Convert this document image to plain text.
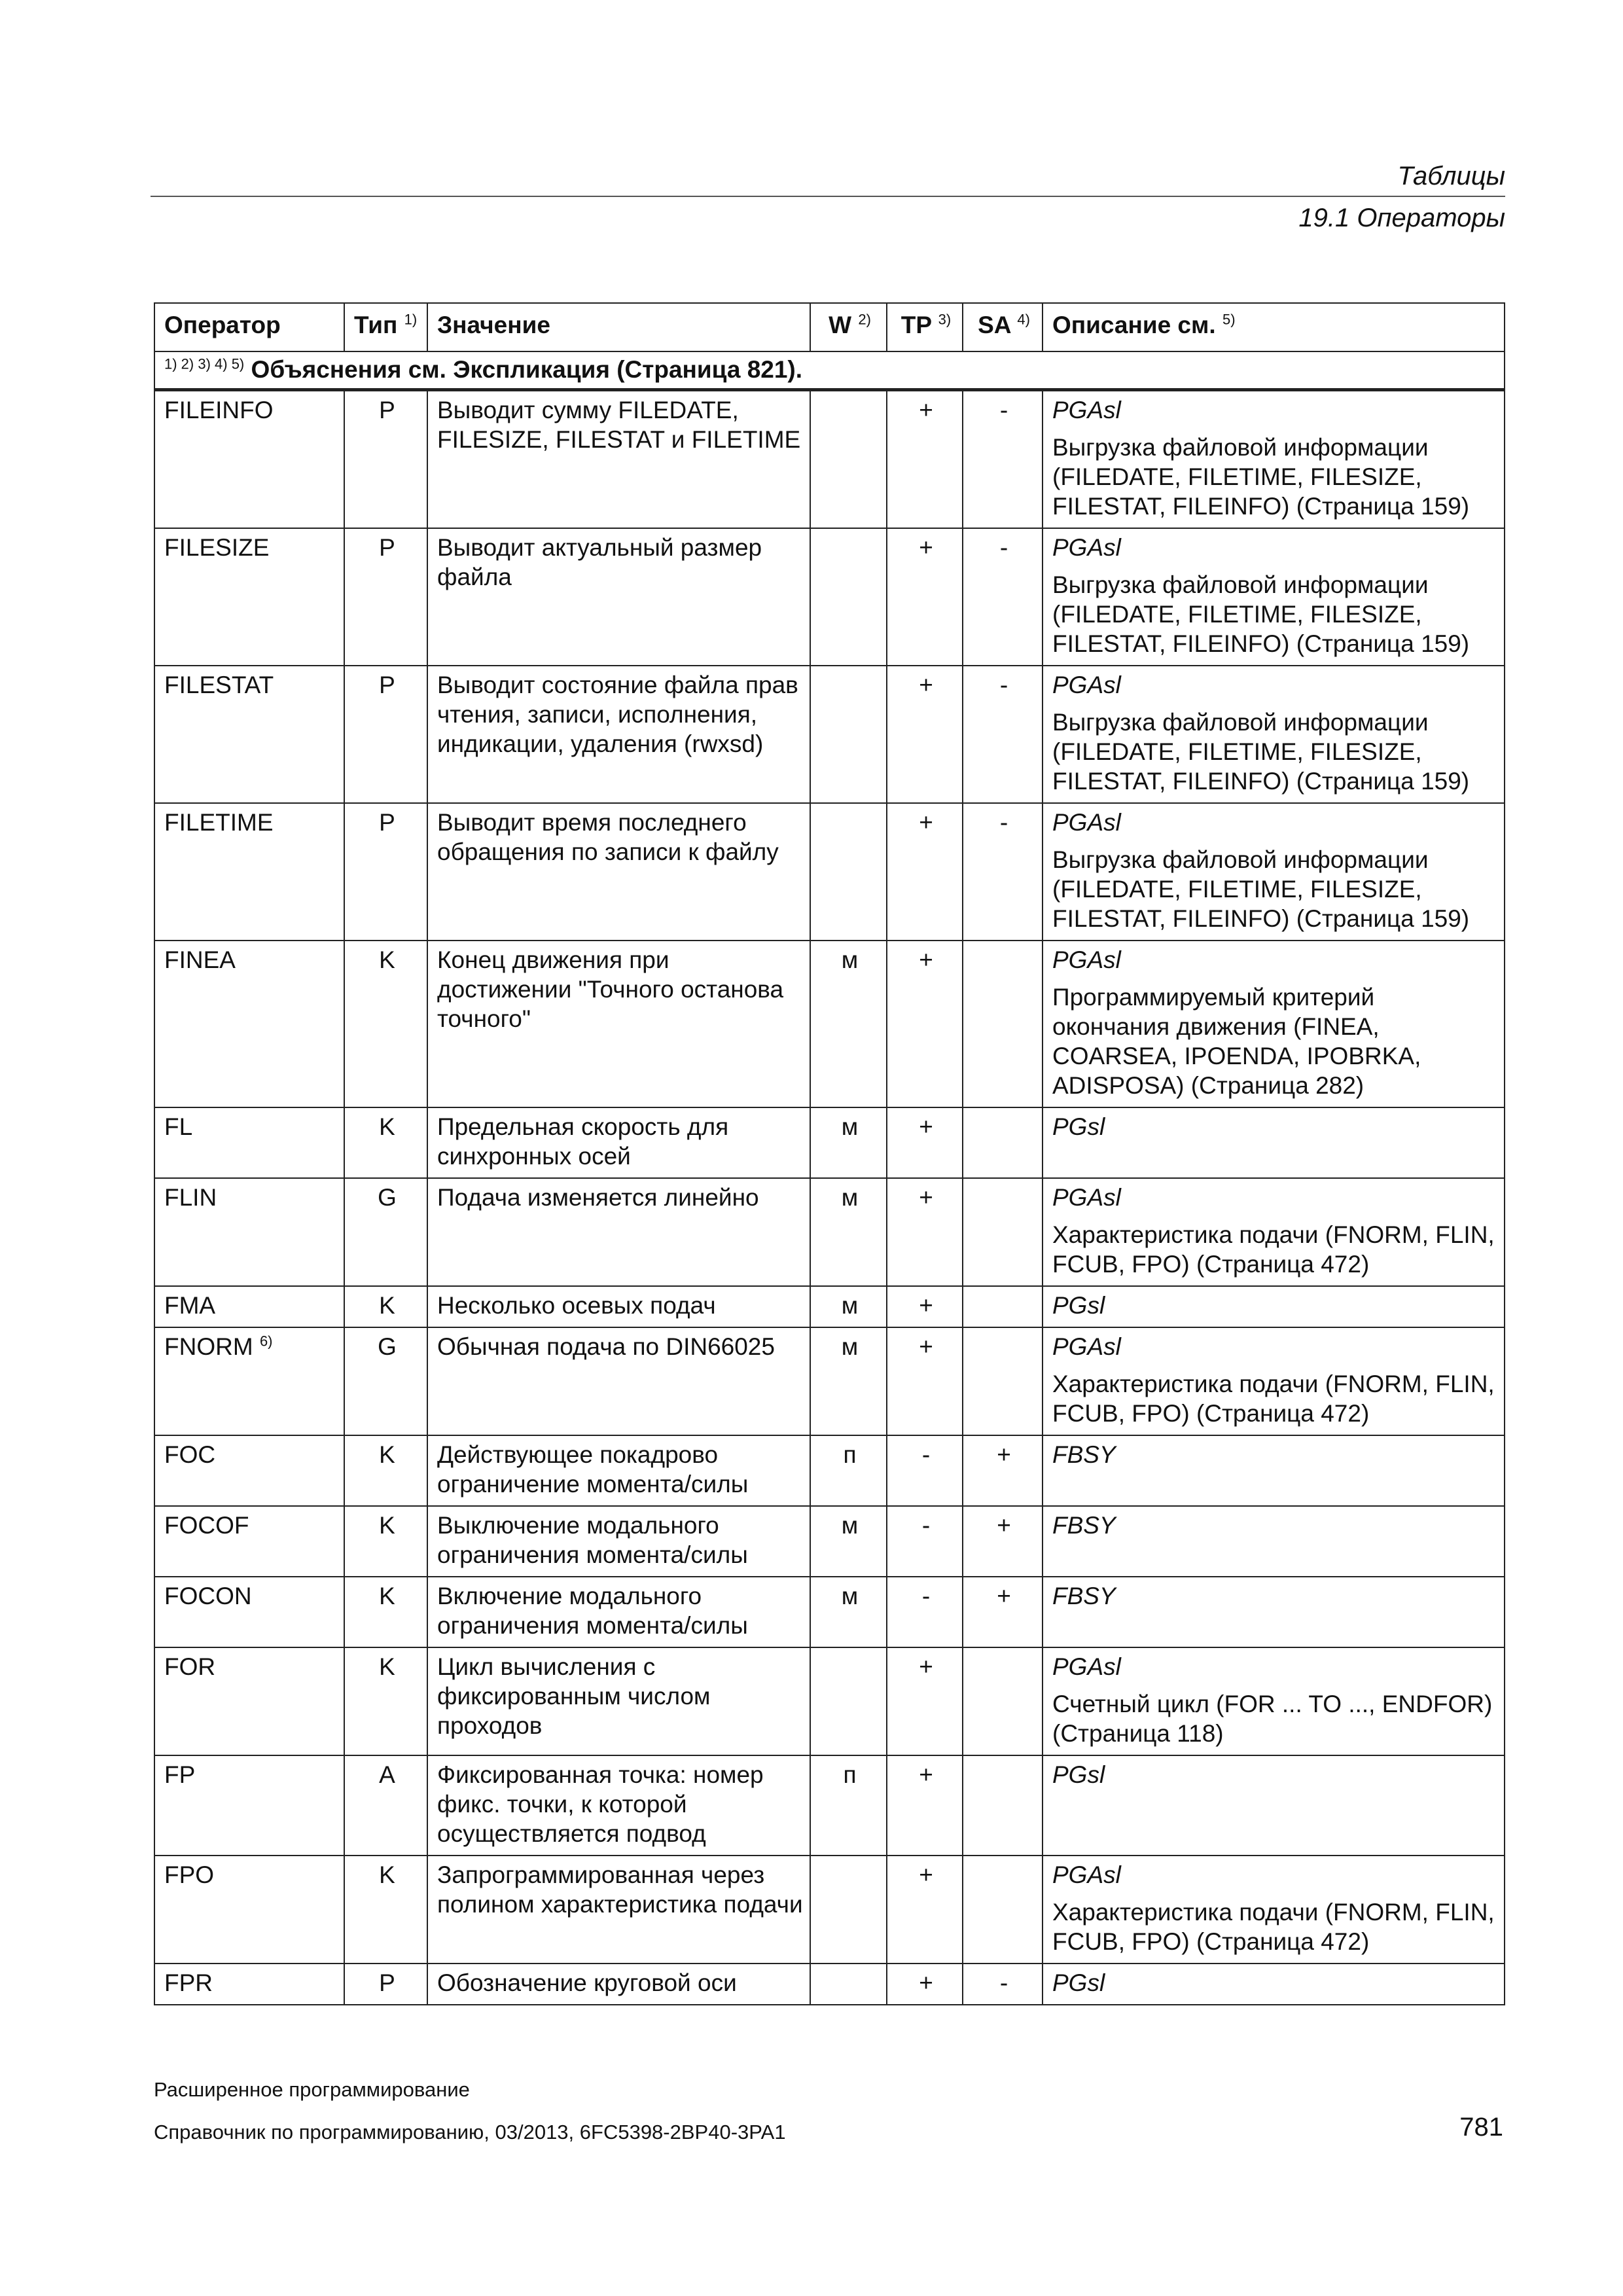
Таблицы
19.1 Операторы
Оператор	Тип $^{1)}$	Значение	W $^{2)}$	TP $^{3)}$	SA $^{4)}$	Описание см. $^{5)}$
$^{1) 2) 3) 4) 5)}$ Объяснения см. Экспликация (Страница 821).						
FILEINFO	P	Выводит сумму FILEDATE, FILESIZE, FILESTAT и FILETIME		+	-	PGAsl
Выгрузка файловой информации (FILEDATE, FILETIME, FILESIZE, FILESTAT, FILEINFO) (Страница 159)

FILESIZE	P	Выводит актуальный размер файла		+	-	PGAsl
Выгрузка файловой информации (FILEDATE, FILETIME, FILESIZE, FILESTAT, FILEINFO) (Страница 159)

FILESTAT	P	Выводит состояние файла прав чтения, записи, исполнения, индикации, удаления (rwxsd)		+	-	PGAsl
Выгрузка файловой информации (FILEDATE, FILETIME, FILESIZE, FILESTAT, FILEINFO) (Страница 159)

FILETIME	P	Выводит время последнего обращения по записи к файлу		+	-	PGAsl
Выгрузка файловой информации (FILEDATE, FILETIME, FILESIZE, FILESTAT, FILEINFO) (Страница 159)

FINEA	K	Конец движения при достижении "Точного останова точного"	м	+		PGAsl
Программируемый критерий окончания движения (FINEA, COARSEA, IPOENDA, IPOBRKA, ADISPOSA) (Страница 282)

FL	K	Предельная скорость для синхронных осей	м	+		PGsl

FLIN	G	Подача изменяется линейно	м	+		PGAsl
Характеристика подачи (FNORM, FLIN, FCUB, FPO) (Страница 472)

FMA	K	Несколько осевых подач	м	+		PGsl

FNORM $^{6)}$	G	Обычная подача по DIN66025	м	+		PGAsl
Характеристика подачи (FNORM, FLIN, FCUB, FPO) (Страница 472)

FOC	K	Действующее покадрово ограничение момента/силы	п	-	+	FBSY

FOCOF	K	Выключение модального ограничения момента/силы	м	-	+	FBSY

FOCON	K	Включение модального ограничения момента/силы	м	-	+	FBSY

FOR	K	Цикл вычисления с фиксированным числом проходов		+		PGAsl
Счетный цикл (FOR ... TO ..., ENDFOR) (Страница 118)

FP	A	Фиксированная точка: номер фикс. точки, к которой осуществляется подвод	п	+		PGsl

FPO	K	Запрограммированная через полином характеристика подачи		+		PGAsl
Характеристика подачи (FNORM, FLIN, FCUB, FPO) (Страница 472)

FPR	P	Обозначение круговой оси		+	-	PGsl
Расширенное программирование
Справочник по программированию, 03/2013, 6FC5398-2BP40-3PA1	781
